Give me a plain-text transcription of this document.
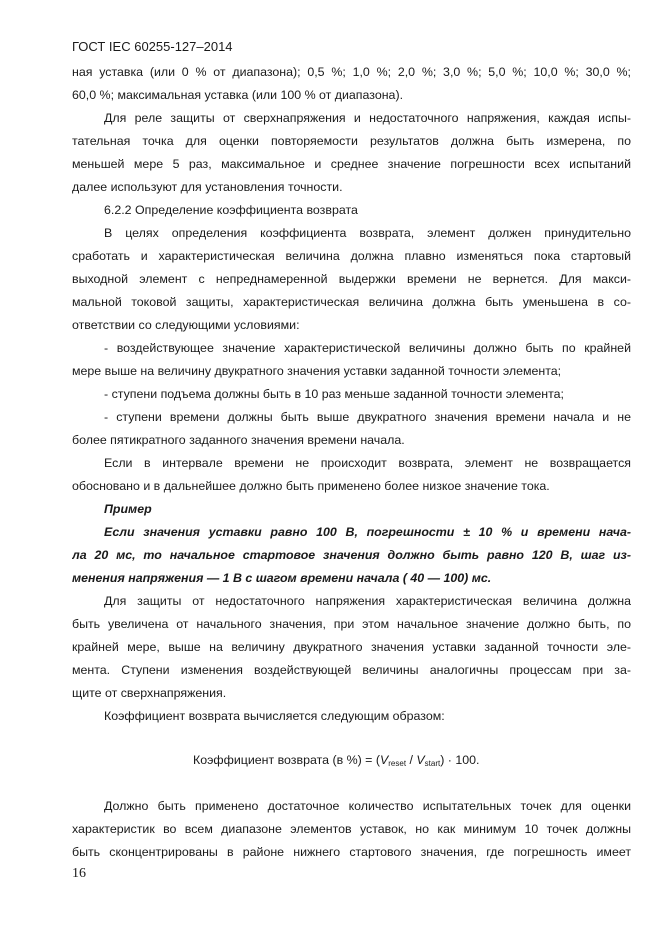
ГОСТ IEC 60255-127–2014
ная уставка (или 0 % от диапазона); 0,5 %; 1,0 %; 2,0 %; 3,0 %; 5,0 %; 10,0 %; 30,0 %;
60,0 %; максимальная уставка (или 100 % от диапазона).
Для реле защиты от сверхнапряжения и недостаточного напряжения, каждая испы-
тательная точка для оценки повторяемости результатов должна быть измерена, по
меньшей мере 5 раз, максимальное и среднее значение погрешности всех испытаний
далее используют для установления точности.
6.2.2 Определение коэффициента возврата
В целях определения коэффициента возврата, элемент должен принудительно
сработать и характеристическая величина должна плавно изменяться пока стартовый
выходной элемент с непреднамеренной выдержки времени не вернется. Для макси-
мальной токовой защиты, характеристическая величина должна быть уменьшена в со-
ответствии со следующими условиями:
- воздействующее значение характеристической величины должно быть по крайней
мере выше на величину двукратного значения уставки заданной точности элемента;
- ступени подъема должны быть в 10 раз меньше заданной точности элемента;
- ступени времени должны быть выше двукратного значения времени начала и не
более пятикратного заданного значения времени начала.
Если в интервале времени не происходит возврата, элемент не возвращается
обосновано и в дальнейшее должно быть применено более низкое значение тока.
Пример
Если значения уставки равно 100 В, погрешности ± 10 % и времени нача-
ла 20 мс, то начальное стартовое значения должно быть равно 120 В, шаг из-
менения напряжения — 1 В с шагом времени начала ( 40 — 100) мс.
Для защиты от недостаточного напряжения характеристическая величина должна
быть увеличена от начального значения, при этом начальное значение должно быть, по
крайней мере, выше на величину двукратного значения уставки заданной точности эле-
мента. Ступени изменения воздействующей величины аналогичны процессам при за-
щите от сверхнапряжения.
Коэффициент возврата вычисляется следующим образом:
Коэффициент возврата (в %) = $(V_{reset} / V_{start}) \cdot 100$.
Должно быть применено достаточное количество испытательных точек для оценки
характеристик во всем диапазоне элементов уставок, но как минимум 10 точек должны
быть сконцентрированы в районе нижнего стартового значения, где погрешность имеет
16
